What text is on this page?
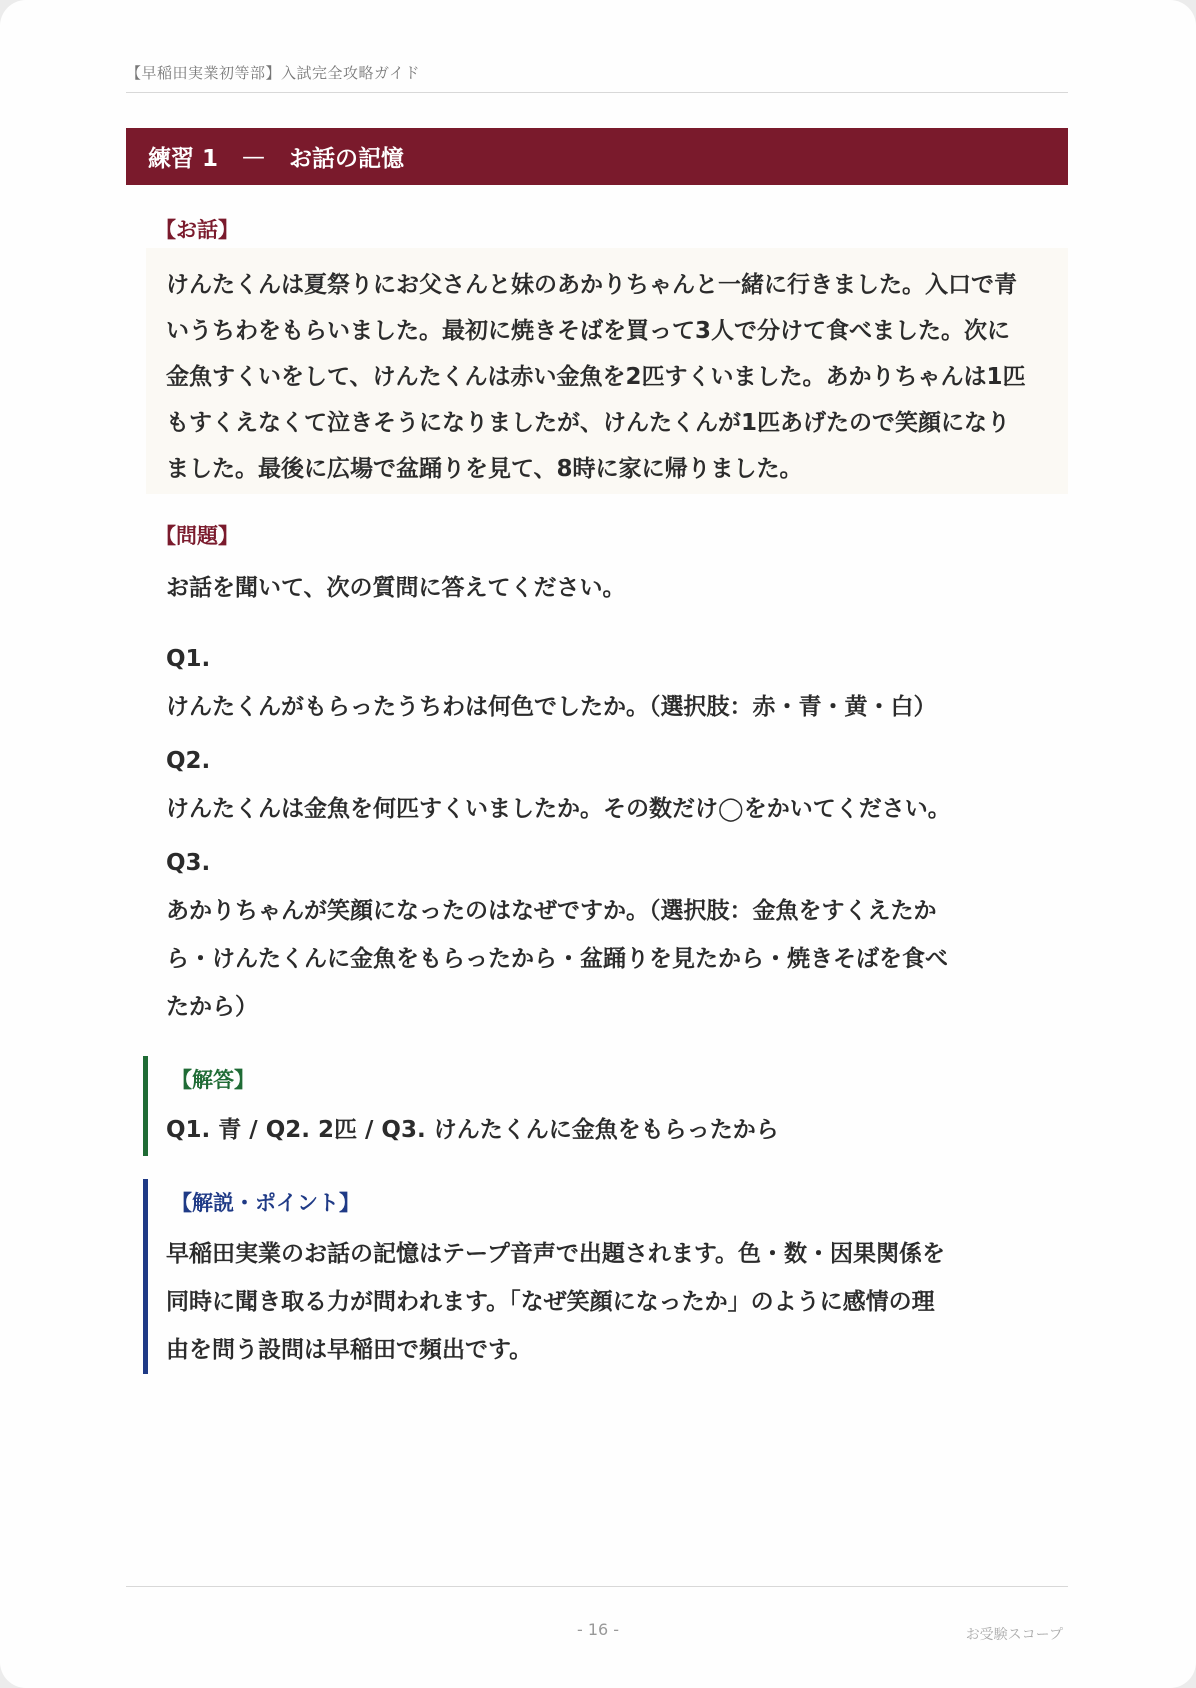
【早稲田実業初等部】入試完全攻略ガイド
練習 1 — お話の記憶
【お話】
けんたくんは夏祭りにお父さんと妹のあかりちゃんと一緒に行きました。入口で青
いうちわをもらいました。最初に焼きそばを買って3人で分けて食べました。次に
金魚すくいをして、けんたくんは赤い金魚を2匹すくいました。あかりちゃんは1匹
もすくえなくて泣きそうになりましたが、けんたくんが1匹あげたので笑顔になり
ました。最後に広場で盆踊りを見て、8時に家に帰りました。
【問題】
お話を聞いて、次の質問に答えてください。
Q1.
けんたくんがもらったうちわは何色でしたか。（選択肢：赤・青・黄・白）
Q2.
けんたくんは金魚を何匹すくいましたか。その数だけ◯をかいてください。
Q3.
あかりちゃんが笑顔になったのはなぜですか。（選択肢：金魚をすくえたか
ら・けんたくんに金魚をもらったから・盆踊りを見たから・焼きそばを食べ
たから）
【解答】
Q1. 青 / Q2. 2匹 / Q3. けんたくんに金魚をもらったから
【解説・ポイント】
早稲田実業のお話の記憶はテープ音声で出題されます。色・数・因果関係を
同時に聞き取る力が問われます。「なぜ笑顔になったか」のように感情の理
由を問う設問は早稲田で頻出です。
- 16 -	お受験スコープ
